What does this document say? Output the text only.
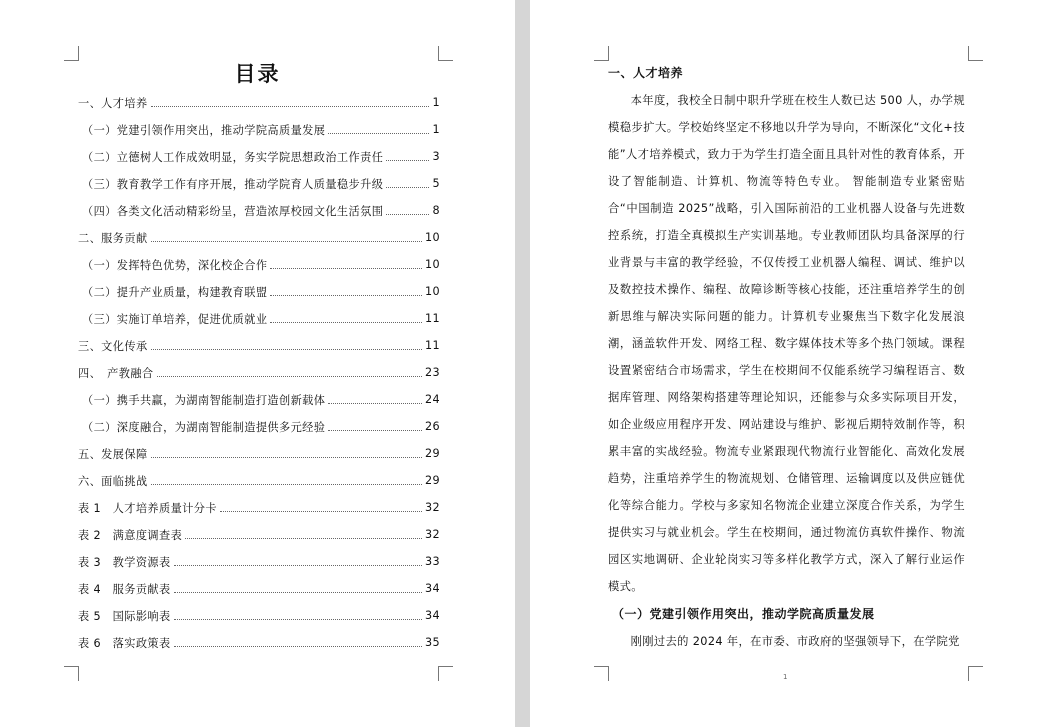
目录
一、人才培养	1
（一）党建引领作用突出，推动学院高质量发展	1
（二）立德树人工作成效明显，务实学院思想政治工作责任	3
（三）教育教学工作有序开展，推动学院育人质量稳步升级	5
（四）各类文化活动精彩纷呈，营造浓厚校园文化生活氛围	8
二、服务贡献	10
（一）发挥特色优势，深化校企合作	10
（二）提升产业质量，构建教育联盟	10
（三）实施订单培养，促进优质就业	11
三、文化传承	11
四、　产教融合	23
（一）携手共赢，为湖南智能制造打造创新载体	24
（二）深度融合，为湖南智能制造提供多元经验	26
五、发展保障	29
六、面临挑战	29
表 1　人才培养质量计分卡	32
表 2　满意度调查表	32
表 3　教学资源表	33
表 4　服务贡献表	34
表 5　国际影响表	34
表 6　落实政策表	35
一、人才培养

本年度，我校全日制中职升学班在校生人数已达 500 人，办学规模稳步扩大。学校始终坚定不移地以升学为导向，不断深化“文化+技能”人才培养模式，致力于为学生打造全面且具针对性的教育体系，开设了智能制造、计算机、物流等特色专业。 智能制造专业紧密贴合“中国制造 2025”战略，引入国际前沿的工业机器人设备与先进数控系统，打造全真模拟生产实训基地。专业教师团队均具备深厚的行业背景与丰富的教学经验，不仅传授工业机器人编程、调试、维护以及数控技术操作、编程、故障诊断等核心技能，还注重培养学生的创新思维与解决实际问题的能力。计算机专业聚焦当下数字化发展浪潮，涵盖软件开发、网络工程、数字媒体技术等多个热门领域。课程设置紧密结合市场需求，学生在校期间不仅能系统学习编程语言、数据库管理、网络架构搭建等理论知识，还能参与众多实际项目开发，如企业级应用程序开发、网站建设与维护、影视后期特效制作等，积累丰富的实战经验。物流专业紧跟现代物流行业智能化、高效化发展趋势，注重培养学生的物流规划、仓储管理、运输调度以及供应链优化等综合能力。学校与多家知名物流企业建立深度合作关系，为学生提供实习与就业机会。学生在校期间，通过物流仿真软件操作、物流园区实地调研、企业轮岗实习等多样化教学方式，深入了解行业运作模式。

（一）党建引领作用突出，推动学院高质量发展

刚刚过去的 2024 年，在市委、市政府的坚强领导下，在学院党

1
